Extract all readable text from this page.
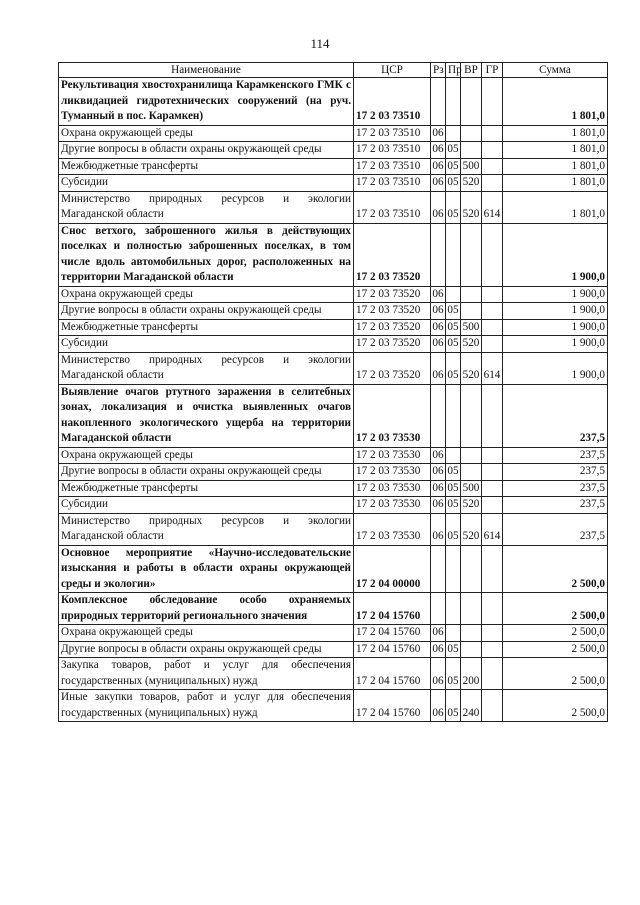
114
Наименование	ЦСР	Рз	Пр	ВР	ГР	Сумма
Рекультивация хвостохранилища Карамкенского ГМК с ликвидацией гидротехнических сооружений (на руч. Туманный в пос. Карамкен)	17 2 03 73510					1 801,0
Охрана окружающей среды	17 2 03 73510	06				1 801,0
Другие вопросы в области охраны окружающей среды	17 2 03 73510	06	05			1 801,0
Межбюджетные трансферты	17 2 03 73510	06	05	500		1 801,0
Субсидии	17 2 03 73510	06	05	520		1 801,0
Министерство природных ресурсов и экологии Магаданской области	17 2 03 73510	06	05	520	614	1 801,0
Снос ветхого, заброшенного жилья в действующих поселках и полностью заброшенных поселках, в том числе вдоль автомобильных дорог, расположенных на территории Магаданской области	17 2 03 73520					1 900,0
Охрана окружающей среды	17 2 03 73520	06				1 900,0
Другие вопросы в области охраны окружающей среды	17 2 03 73520	06	05			1 900,0
Межбюджетные трансферты	17 2 03 73520	06	05	500		1 900,0
Субсидии	17 2 03 73520	06	05	520		1 900,0
Министерство природных ресурсов и экологии Магаданской области	17 2 03 73520	06	05	520	614	1 900,0
Выявление очагов ртутного заражения в селитебных зонах, локализация и очистка выявленных очагов накопленного экологического ущерба на территории Магаданской области	17 2 03 73530					237,5
Охрана окружающей среды	17 2 03 73530	06				237,5
Другие вопросы в области охраны окружающей среды	17 2 03 73530	06	05			237,5
Межбюджетные трансферты	17 2 03 73530	06	05	500		237,5
Субсидии	17 2 03 73530	06	05	520		237,5
Министерство природных ресурсов и экологии Магаданской области	17 2 03 73530	06	05	520	614	237,5
Основное мероприятие «Научно-исследовательские изыскания и работы в области охраны окружающей среды и экологии»	17 2 04 00000					2 500,0
Комплексное обследование особо охраняемых природных территорий регионального значения	17 2 04 15760					2 500,0
Охрана окружающей среды	17 2 04 15760	06				2 500,0
Другие вопросы в области охраны окружающей среды	17 2 04 15760	06	05			2 500,0
Закупка товаров, работ и услуг для обеспечения государственных (муниципальных) нужд	17 2 04 15760	06	05	200		2 500,0
Иные закупки товаров, работ и услуг для обеспечения государственных (муниципальных) нужд	17 2 04 15760	06	05	240		2 500,0
